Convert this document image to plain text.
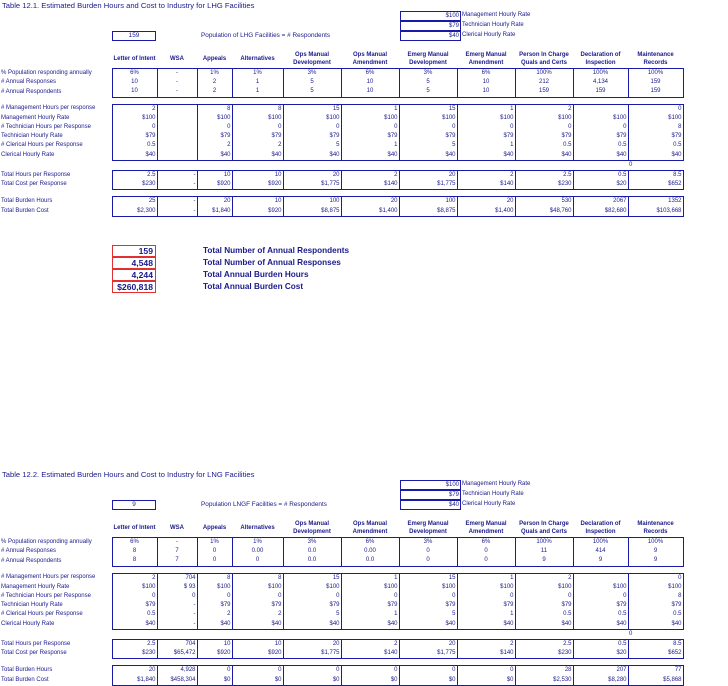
Table 12.1. Estimated Burden Hours and Cost to Industry for LHG Facilities
$100 Management Hourly Rate
$79 Technician Hourly Rate
$40 Clerical Hourly Rate
159	Population of LHG Facilities = # Respondents
	Letter of Intent	WSA	Appeals	Alternatives	Ops Manual Development	Ops Manual Amendment	Emerg Manual Development	Emerg Manual Amendment	Person In Charge Quals and Certs	Declaration of Inspection	Maintenance Records
% Population responding annually	6%	-	1%	1%	3%	6%	3%	6%	100%	100%	100%
# Annual Responses	10	-	2	1	5	10	5	10	212	4,134	159
# Annual Respondents	10	-	2	1	5	10	5	10	159	159	159

# Management Hours per response	2		8	8	15	1	15	1	2		0
Management Hourly Rate	$100		$100	$100	$100	$100	$100	$100	$100	$100	$100
# Technician Hours per Response	0		0	0	0	0	0	0	0	0	8
Technician Hourly Rate	$79		$79	$79	$79	$79	$79	$79	$79	$79	$79
# Clerical Hours per Response	0.5		2	2	5	1	5	1	0.5	0.5	0.5
Clerical Hourly Rate	$40		$40	$40	$40	$40	$40	$40	$40	$40	$40
											0
Total Hours per Response	2.5	-	10	10	20	2	20	2	2.5	0.5	8.5
Total Cost per Response	$230	-	$920	$920	$1,775	$140	$1,775	$140	$230	$20	$652

Total Burden Hours	25	-	20	10	100	20	100	20	530	2067	1352
Total Burden Cost	$2,300	-	$1,840	$920	$8,875	$1,400	$8,875	$1,400	$48,760	$82,680	$103,668
159	Total Number of Annual Respondents
4,548	Total Number of Annual Responses
4,244	Total Annual Burden Hours
$260,818	Total Annual Burden Cost
Table 12.2. Estimated Burden Hours and Cost to Industry for LNG Facilities
$100 Management Hourly Rate
$79 Technician Hourly Rate
$40 Clerical Hourly Rate
9	Population LNGF Facilities = # Respondents
	Letter of Intent	WSA	Appeals	Alternatives	Ops Manual Development	Ops Manual Amendment	Emerg Manual Development	Emerg Manual Amendment	Person In Charge Quals and Certs	Declaration of Inspection	Maintenance Records
% Population responding annually	6%	-	1%	1%	3%	6%	3%	6%	100%	100%	100%
# Annual Responses	8	7	0	0.00	0.0	0.00	0	0	11	414	9
# Annual Respondents	8	7	0	0	0.0	0.0	0	0	9	9	9

# Management Hours per response	2	704	8	8	15	1	15	1	2		0
Management Hourly Rate	$100	$ 93	$100	$100	$100	$100	$100	$100	$100	$100	$100
# Technician Hours per Response	0	0	0	0	0	0	0	0	0	0	8
Technician Hourly Rate	$79	-	$79	$79	$79	$79	$79	$79	$79	$79	$79
# Clerical Hours per Response	0.5	-	2	2	5	1	5	1	0.5	0.5	0.5
Clerical Hourly Rate	$40	-	$40	$40	$40	$40	$40	$40	$40	$40	$40
											0
Total Hours per Response	2.5	704	10	10	20	2	20	2	2.5	0.5	8.5
Total Cost per Response	$230	$65,472	$920	$920	$1,775	$140	$1,775	$140	$230	$20	$652

Total Burden Hours	20	4,928	0	0	0	0	0	0	28	207	77
Total Burden Cost	$1,840	$458,304	$0	$0	$0	$0	$0	$0	$2,530	$8,280	$5,868
